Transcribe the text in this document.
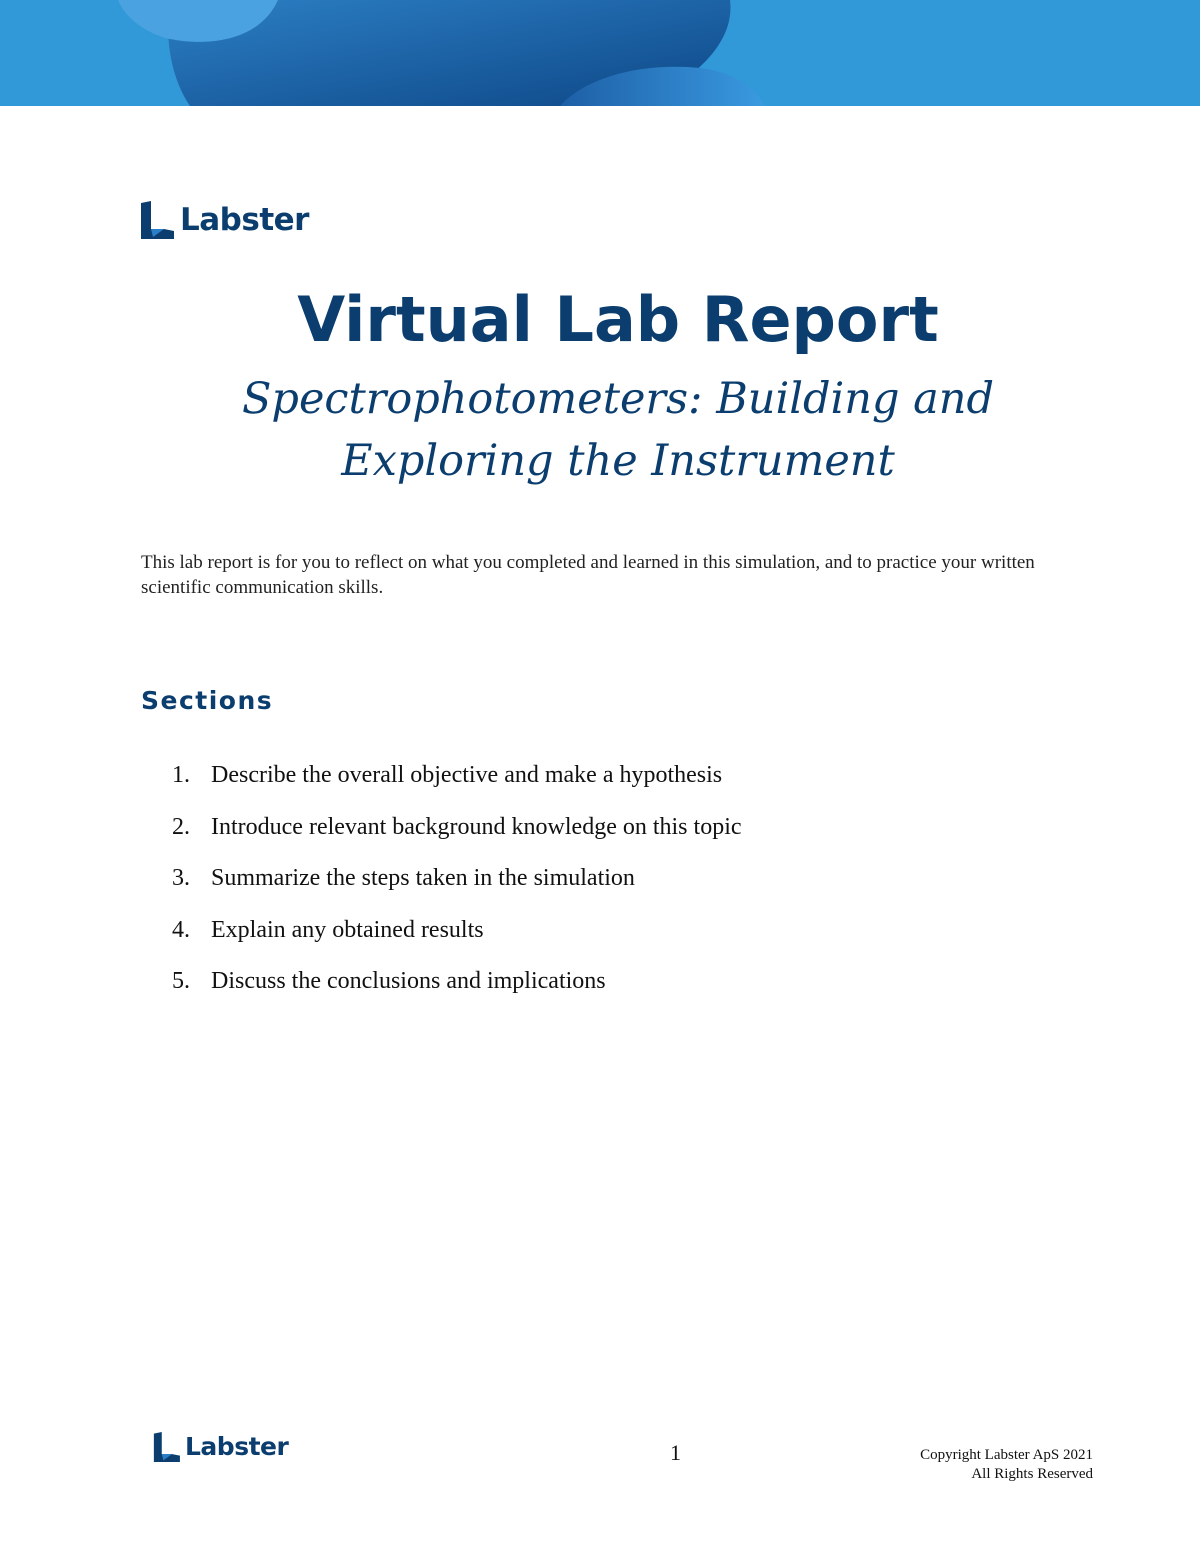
Labster
Virtual Lab Report
Spectrophotometers: Building and
Exploring the Instrument

This lab report is for you to reflect on what you completed and learned in this simulation, and to practice your written scientific communication skills.

Sections
1. Describe the overall objective and make a hypothesis
2. Introduce relevant background knowledge on this topic
3. Summarize the steps taken in the simulation
4. Explain any obtained results
5. Discuss the conclusions and implications
Labster	1	Copyright Labster ApS 2021
All Rights Reserved
